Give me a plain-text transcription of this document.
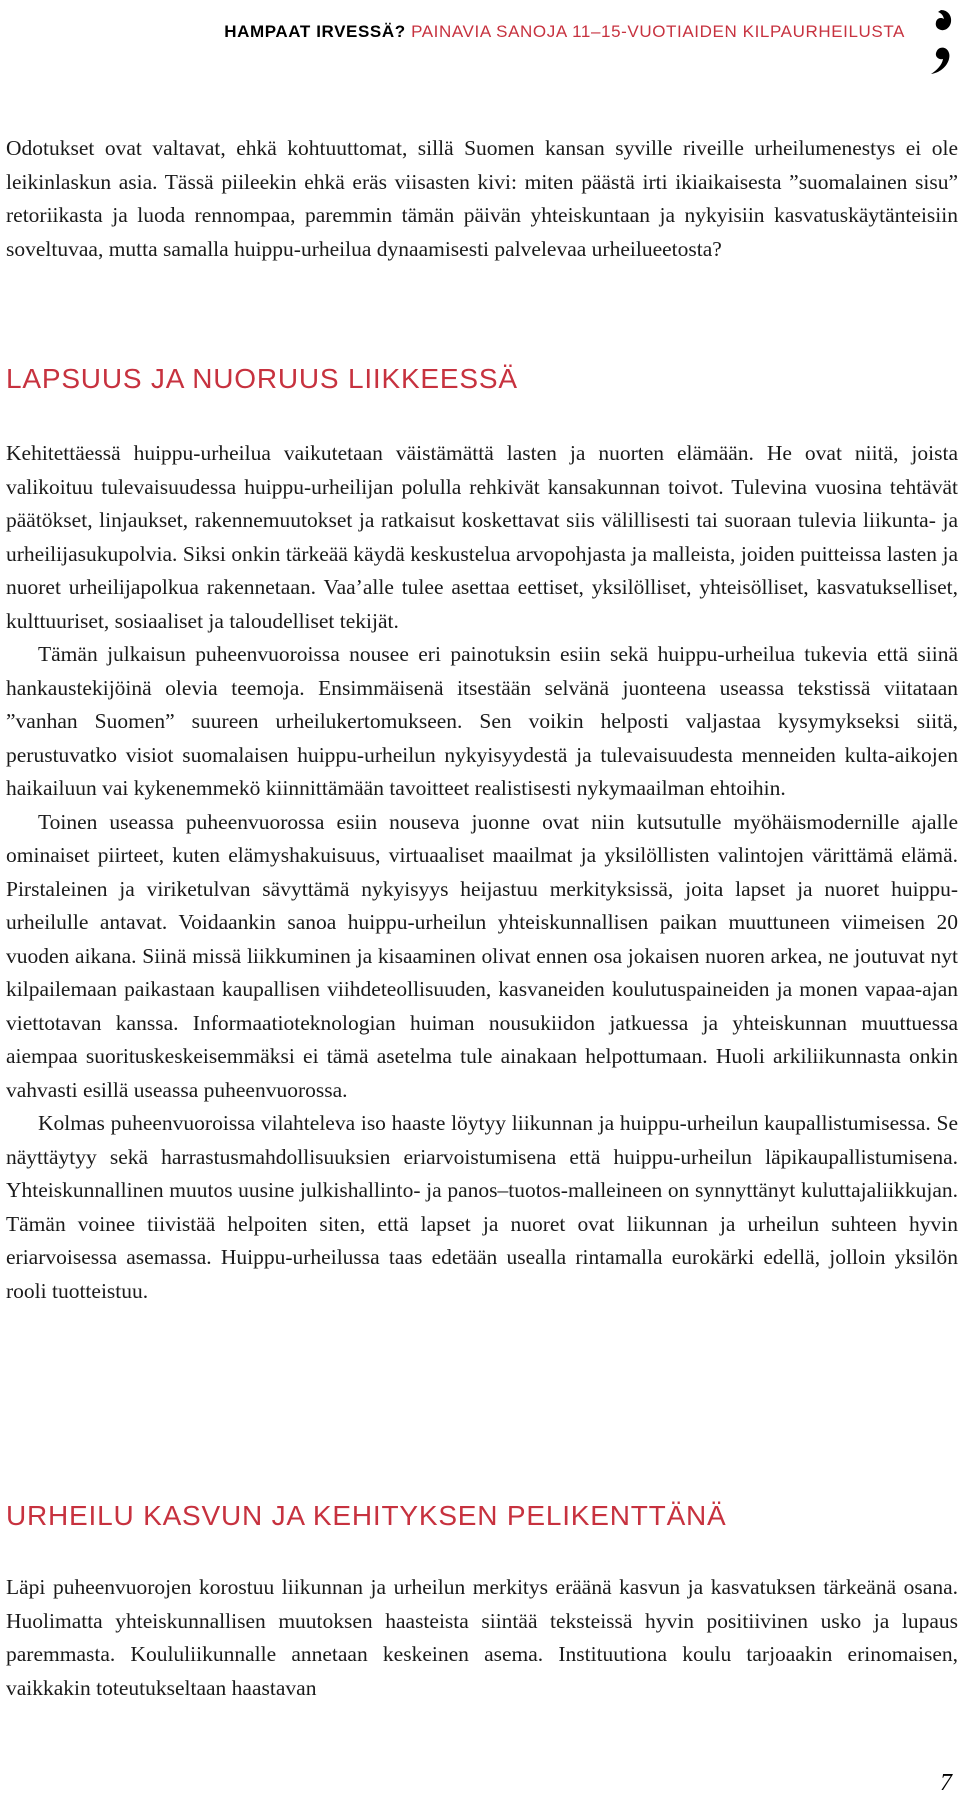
HAMPAAT IRVESSÄ? PAINAVIA SANOJA 11–15-VUOTIAIDEN KILPAURHEILUSTA

Odotukset ovat valtavat, ehkä kohtuuttomat, sillä Suomen kansan syville riveille urheilumenestys ei ole leikinlaskun asia. Tässä piileekin ehkä eräs viisasten kivi: miten päästä irti ikiaikaisesta ”suomalainen sisu” retoriikasta ja luoda rennompaa, paremmin tämän päivän yhteiskuntaan ja nykyisiin kasvatuskäytänteisiin soveltuvaa, mutta samalla huippu-urheilua dynaamisesti palvelevaa urheilueetosta?

LAPSUUS JA NUORUUS LIIKKEESSÄ

Kehitettäessä huippu-urheilua vaikutetaan väistämättä lasten ja nuorten elämään. He ovat niitä, joista valikoituu tulevaisuudessa huippu-urheilijan polulla rehkivät kansakunnan toivot. Tulevina vuosina tehtävät päätökset, linjaukset, rakennemuutokset ja ratkaisut koskettavat siis välillisesti tai suoraan tulevia liikunta- ja urheilijasukupolvia. Siksi onkin tärkeää käydä keskustelua arvopohjasta ja malleista, joiden puitteissa lasten ja nuoret urheilijapolkua rakennetaan. Vaa’alle tulee asettaa eettiset, yksilölliset, yhteisölliset, kasvatukselliset, kulttuuriset, sosiaaliset ja taloudelliset tekijät.

Tämän julkaisun puheenvuoroissa nousee eri painotuksin esiin sekä huippu-urheilua tukevia että siinä hankaustekijöinä olevia teemoja. Ensimmäisenä itsestään selvänä juonteena useassa tekstissä viitataan ”vanhan Suomen” suureen urheilukertomukseen. Sen voikin helposti valjastaa kysymykseksi siitä, perustuvatko visiot suomalaisen huippu-urheilun nykyisyydestä ja tulevaisuudesta menneiden kulta-aikojen haikailuun vai kykenemmekö kiinnittämään tavoitteet realistisesti nykymaailman ehtoihin.

Toinen useassa puheenvuorossa esiin nouseva juonne ovat niin kutsutulle myöhäismodernille ajalle ominaiset piirteet, kuten elämyshakuisuus, virtuaaliset maailmat ja yksilöllisten valintojen värittämä elämä. Pirstaleinen ja viriketulvan sävyttämä nykyisyys heijastuu merkityksissä, joita lapset ja nuoret huippu-urheilulle antavat. Voidaankin sanoa huippu-urheilun yhteiskunnallisen paikan muuttuneen viimeisen 20 vuoden aikana. Siinä missä liikkuminen ja kisaaminen olivat ennen osa jokaisen nuoren arkea, ne joutuvat nyt kilpailemaan paikastaan kaupallisen viihdeteollisuuden, kasvaneiden koulutuspaineiden ja monen vapaa-ajan viettotavan kanssa. Informaatioteknologian huiman nousukiidon jatkuessa ja yhteiskunnan muuttuessa aiempaa suorituskeskeisemmäksi ei tämä asetelma tule ainakaan helpottumaan. Huoli arkiliikunnasta onkin vahvasti esillä useassa puheenvuorossa.

Kolmas puheenvuoroissa vilahteleva iso haaste löytyy liikunnan ja huippu-urheilun kaupallistumisessa. Se näyttäytyy sekä harrastusmahdollisuuksien eriarvoistumisena että huippu-urheilun läpikaupallistumisena. Yhteiskunnallinen muutos uusine julkishallinto- ja panos–tuotos-malleineen on synnyttänyt kuluttajaliikkujan. Tämän voinee tiivistää helpoiten siten, että lapset ja nuoret ovat liikunnan ja urheilun suhteen hyvin eriarvoisessa asemassa. Huippu-urheilussa taas edetään usealla rintamalla eurokärki edellä, jolloin yksilön rooli tuotteistuu.

URHEILU KASVUN JA KEHITYKSEN PELIKENTTÄNÄ

Läpi puheenvuorojen korostuu liikunnan ja urheilun merkitys eräänä kasvun ja kasvatuksen tärkeänä osana. Huolimatta yhteiskunnallisen muutoksen haasteista siintää teksteissä hyvin positiivinen usko ja lupaus paremmasta. Koululiikunnalle annetaan keskeinen asema. Instituutiona koulu tarjoaakin erinomaisen, vaikkakin toteutukseltaan haastavan

7
